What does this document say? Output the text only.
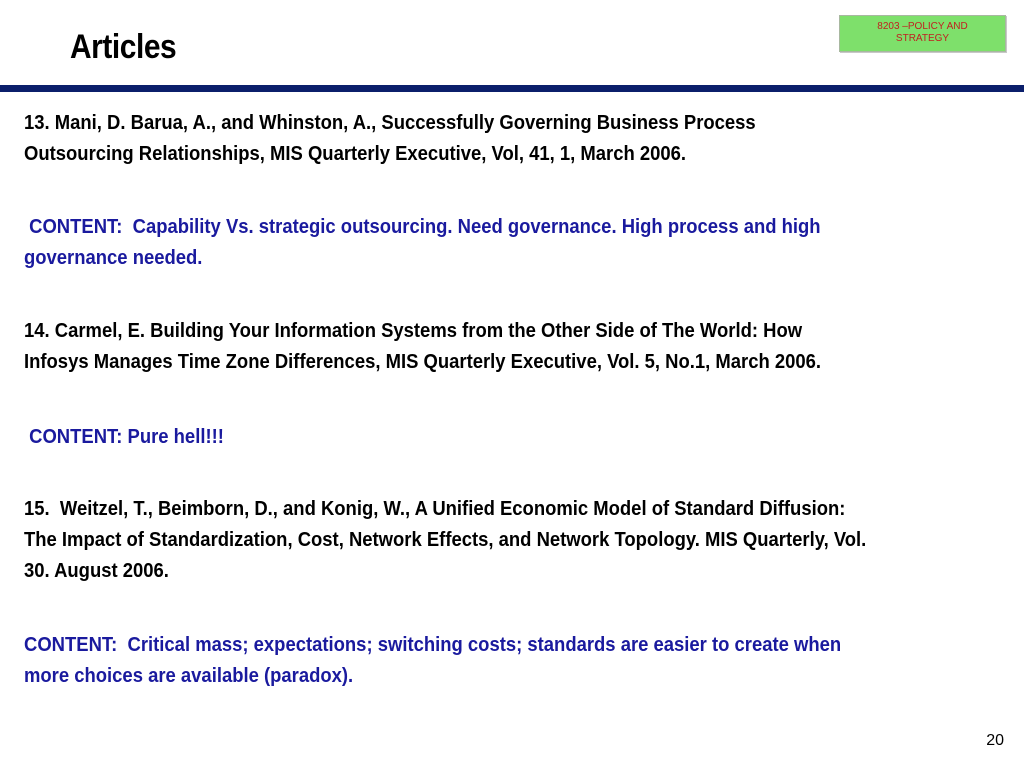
Articles
8203 –POLICY AND
STRATEGY
13. Mani, D. Barua, A., and Whinston, A., Successfully Governing Business Process
Outsourcing Relationships, MIS Quarterly Executive, Vol, 41, 1, March 2006.
CONTENT:  Capability Vs. strategic outsourcing. Need governance. High process and high
governance needed.
14. Carmel, E. Building Your Information Systems from the Other Side of The World: How
Infosys Manages Time Zone Differences, MIS Quarterly Executive, Vol. 5, No.1, March 2006.
CONTENT: Pure hell!!!
15.  Weitzel, T., Beimborn, D., and Konig, W., A Unified Economic Model of Standard Diffusion:
The Impact of Standardization, Cost, Network Effects, and Network Topology. MIS Quarterly, Vol.
30. August 2006.
CONTENT:  Critical mass; expectations; switching costs; standards are easier to create when
more choices are available (paradox).
20
